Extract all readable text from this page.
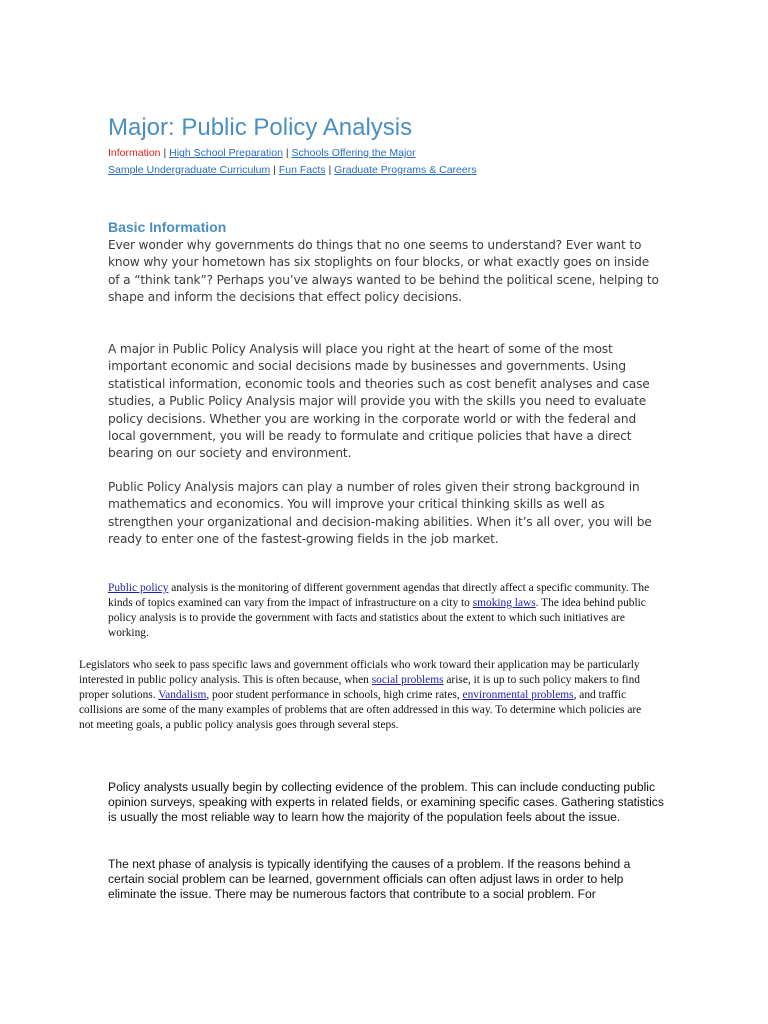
Major: Public Policy Analysis
Information | High School Preparation | Schools Offering the Major
Sample Undergraduate Curriculum | Fun Facts | Graduate Programs & Careers
Basic Information

Ever wonder why governments do things that no one seems to understand? Ever want to know why your hometown has six stoplights on four blocks, or what exactly goes on inside of a “think tank”? Perhaps you’ve always wanted to be behind the political scene, helping to shape and inform the decisions that effect policy decisions.

A major in Public Policy Analysis will place you right at the heart of some of the most important economic and social decisions made by businesses and governments. Using statistical information, economic tools and theories such as cost benefit analyses and case studies, a Public Policy Analysis major will provide you with the skills you need to evaluate policy decisions. Whether you are working in the corporate world or with the federal and local government, you will be ready to formulate and critique policies that have a direct bearing on our society and environment.

Public Policy Analysis majors can play a number of roles given their strong background in mathematics and economics. You will improve your critical thinking skills as well as strengthen your organizational and decision-making abilities. When it’s all over, you will be ready to enter one of the fastest-growing fields in the job market.

Public policy analysis is the monitoring of different government agendas that directly affect a specific community. The kinds of topics examined can vary from the impact of infrastructure on a city to smoking laws. The idea behind public policy analysis is to provide the government with facts and statistics about the extent to which such initiatives are working.

Legislators who seek to pass specific laws and government officials who work toward their application may be particularly interested in public policy analysis. This is often because, when social problems arise, it is up to such policy makers to find proper solutions. Vandalism, poor student performance in schools, high crime rates, environmental problems, and traffic collisions are some of the many examples of problems that are often addressed in this way. To determine which policies are not meeting goals, a public policy analysis goes through several steps.

Policy analysts usually begin by collecting evidence of the problem. This can include conducting public opinion surveys, speaking with experts in related fields, or examining specific cases. Gathering statistics is usually the most reliable way to learn how the majority of the population feels about the issue.

The next phase of analysis is typically identifying the causes of a problem. If the reasons behind a certain social problem can be learned, government officials can often adjust laws in order to help eliminate the issue. There may be numerous factors that contribute to a social problem. For
